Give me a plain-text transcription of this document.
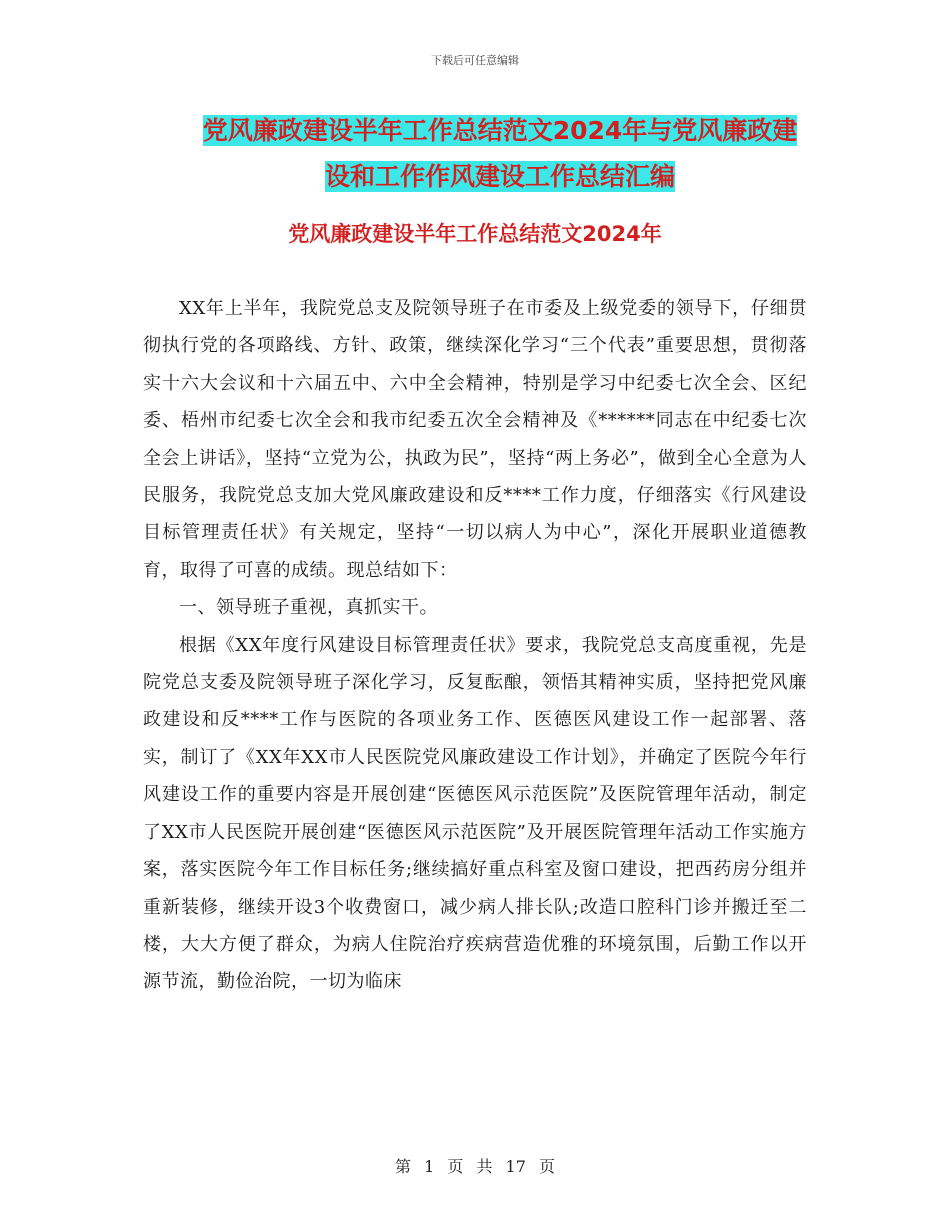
下载后可任意编辑
党风廉政建设半年工作总结范文2024年与党风廉政建
设和工作作风建设工作总结汇编
党风廉政建设半年工作总结范文2024年

XX年上半年，我院党总支及院领导班子在市委及上级党委的领导下，仔细贯彻执行党的各项路线、方针、政策，继续深化学习“三个代表”重要思想，贯彻落实十六大会议和十六届五中、六中全会精神，特别是学习中纪委七次全会、区纪委、梧州市纪委七次全会和我市纪委五次全会精神及《******同志在中纪委七次全会上讲话》，坚持“立党为公，执政为民”，坚持“两上务必”，做到全心全意为人民服务，我院党总支加大党风廉政建设和反****工作力度，仔细落实《行风建设目标管理责任状》有关规定，坚持“一切以病人为中心”，深化开展职业道德教育，取得了可喜的成绩。现总结如下：

一、领导班子重视，真抓实干。

根据《XX年度行风建设目标管理责任状》要求，我院党总支高度重视，先是院党总支委及院领导班子深化学习，反复酝酿，领悟其精神实质，坚持把党风廉政建设和反****工作与医院的各项业务工作、医德医风建设工作一起部署、落实，制订了《XX年XX市人民医院党风廉政建设工作计划》，并确定了医院今年行风建设工作的重要内容是开展创建“医德医风示范医院”及医院管理年活动，制定了XX市人民医院开展创建“医德医风示范医院”及开展医院管理年活动工作实施方案，落实医院今年工作目标任务;继续搞好重点科室及窗口建设，把西药房分组并重新装修，继续开设3个收费窗口，减少病人排长队;改造口腔科门诊并搬迁至二楼，大大方便了群众，为病人住院治疗疾病营造优雅的环境氛围，后勤工作以开源节流，勤俭治院，一切为临床

第 1 页 共 17 页
